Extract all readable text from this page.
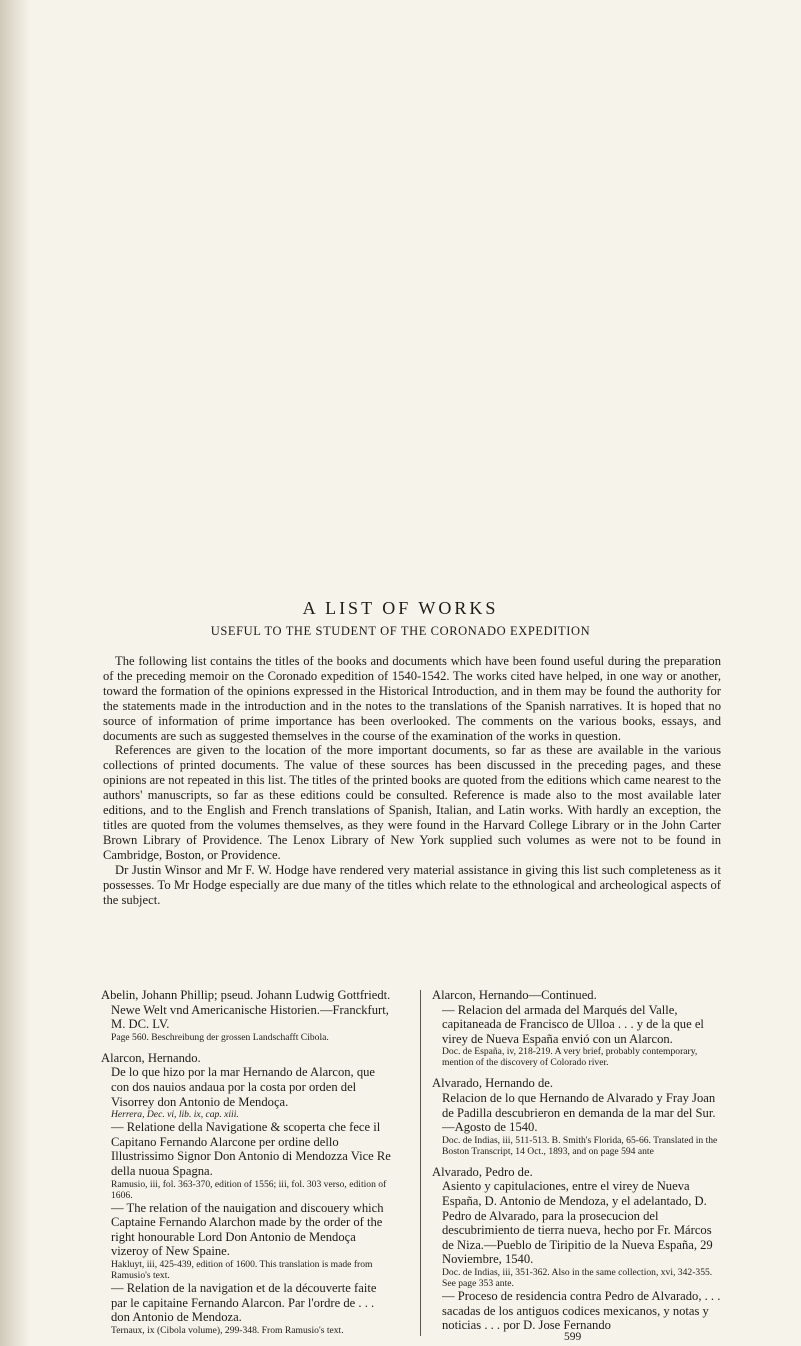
A LIST OF WORKS
USEFUL TO THE STUDENT OF THE CORONADO EXPEDITION

The following list contains the titles of the books and documents which have been found useful during the preparation of the preceding memoir on the Coronado expedition of 1540-1542. The works cited have helped, in one way or another, toward the formation of the opinions expressed in the Historical Introduction, and in them may be found the authority for the statements made in the introduction and in the notes to the translations of the Spanish narratives. It is hoped that no source of information of prime importance has been overlooked. The comments on the various books, essays, and documents are such as suggested themselves in the course of the examination of the works in question.

References are given to the location of the more important documents, so far as these are available in the various collections of printed documents. The value of these sources has been discussed in the preceding pages, and these opinions are not repeated in this list. The titles of the printed books are quoted from the editions which came nearest to the authors' manuscripts, so far as these editions could be consulted. Reference is made also to the most available later editions, and to the English and French translations of Spanish, Italian, and Latin works. With hardly an exception, the titles are quoted from the volumes themselves, as they were found in the Harvard College Library or in the John Carter Brown Library of Providence. The Lenox Library of New York supplied such volumes as were not to be found in Cambridge, Boston, or Providence.

Dr Justin Winsor and Mr F. W. Hodge have rendered very material assistance in giving this list such completeness as it possesses. To Mr Hodge especially are due many of the titles which relate to the ethnological and archeological aspects of the subject.

Abelin, Johann Phillip; pseud. Johann Ludwig Gottfriedt.

Newe Welt vnd Americanische Historien.—Franckfurt, M. DC. LV.

Page 560. Beschreibung der grossen Landschafft Cibola.

Alarcon, Hernando.

De lo que hizo por la mar Hernando de Alarcon, que con dos nauios andaua por la costa por orden del Visorrey don Antonio de Mendoça.

Herrera, Dec. vi, lib. ix, cap. xiii.

— Relatione della Navigatione & scoperta che fece il Capitano Fernando Alarcone per ordine dello Illustrissimo Signor Don Antonio di Mendozza Vice Re della nuoua Spagna.

Ramusio, iii, fol. 363-370, edition of 1556; iii, fol. 303 verso, edition of 1606.

— The relation of the nauigation and discouery which Captaine Fernando Alarchon made by the order of the right honourable Lord Don Antonio de Mendoça vizeroy of New Spaine.

Hakluyt, iii, 425-439, edition of 1600. This translation is made from Ramusio's text.

— Relation de la navigation et de la découverte faite par le capitaine Fernando Alarcon. Par l'ordre de . . . don Antonio de Mendoza.

Ternaux, ix (Cibola volume), 299-348. From Ramusio's text.

Alarcon, Hernando—Continued.

— Relacion del armada del Marqués del Valle, capitaneada de Francisco de Ulloa . . . y de la que el virey de Nueva España envió con un Alarcon.

Doc. de España, iv, 218-219. A very brief, probably contemporary, mention of the discovery of Colorado river.

Alvarado, Hernando de.

Relacion de lo que Hernando de Alvarado y Fray Joan de Padilla descubrieron en demanda de la mar del Sur.—Agosto de 1540.

Doc. de Indias, iii, 511-513. B. Smith's Florida, 65-66. Translated in the Boston Transcript, 14 Oct., 1893, and on page 594 ante

Alvarado, Pedro de.

Asiento y capitulaciones, entre el virey de Nueva España, D. Antonio de Mendoza, y el adelantado, D. Pedro de Alvarado, para la prosecucion del descubrimiento de tierra nueva, hecho por Fr. Márcos de Niza.—Pueblo de Tiripitio de la Nueva España, 29 Noviembre, 1540.

Doc. de Indias, iii, 351-362. Also in the same collection, xvi, 342-355. See page 353 ante.

— Proceso de residencia contra Pedro de Alvarado, . . . sacadas de los antiguos codices mexicanos, y notas y noticias . . . por D. Jose Fernando

599
